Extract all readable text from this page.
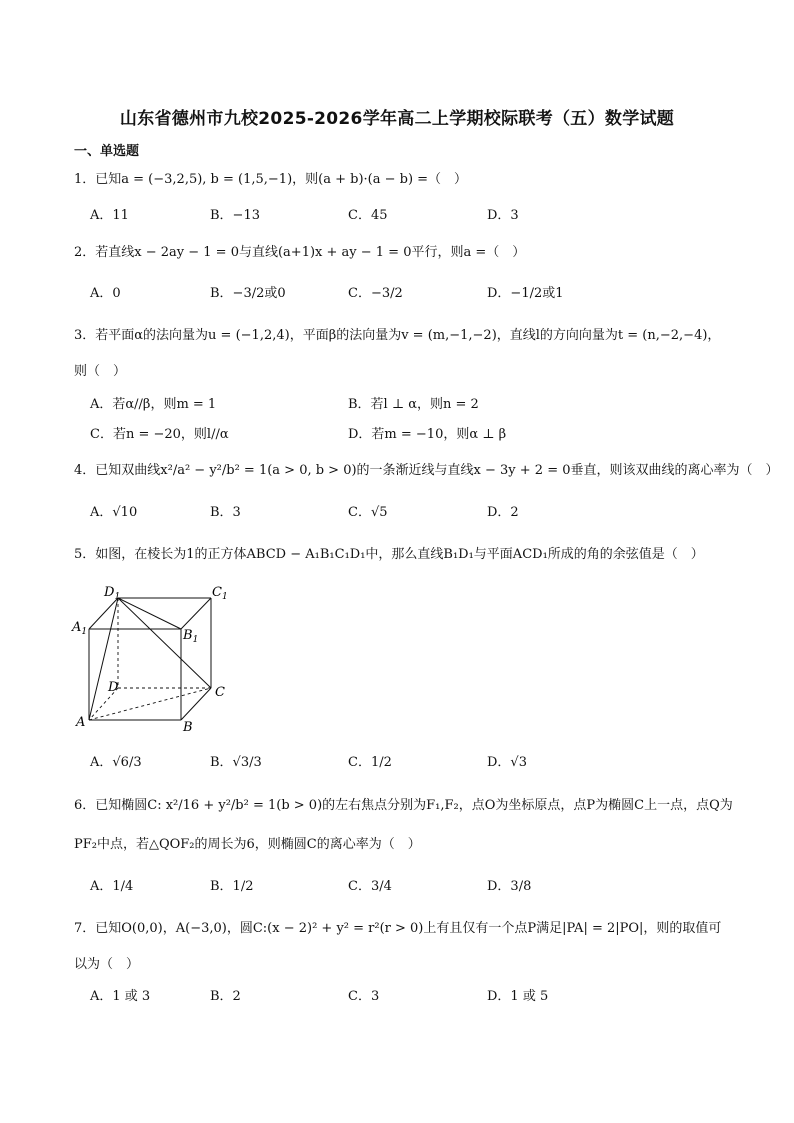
山东省德州市九校2025-2026学年高二上学期校际联考（五）数学试题
一、单选题
1．已知a = (−3,2,5), b = (1,5,−1)，则(a + b)·(a − b) =（　）
A．11	B．−13	C．45	D．3
2．若直线x − 2ay − 1 = 0与直线(a+1)x + ay − 1 = 0平行，则a =（　）
A．0	B．−3/2或0	C．−3/2	D．−1/2或1
3．若平面α的法向量为u = (−1,2,4)，平面β的法向量为v = (m,−1,−2)，直线l的方向向量为t = (n,−2,−4)，
则（　）
A．若α//β，则m = 1	B．若l ⊥ α，则n = 2
C．若n = −20，则l//α	D．若m = −10，则α ⊥ β
4．已知双曲线x²/a² − y²/b² = 1(a > 0, b > 0)的一条渐近线与直线x − 3y + 2 = 0垂直，则该双曲线的离心率为（　）
A．√10	B．3	C．√5	D．2
5．如图，在棱长为1的正方体ABCD − A₁B₁C₁D₁中，那么直线B₁D₁与平面ACD₁所成的角的余弦值是（　）
$D_1$	$C_1$
$A_1$	$B_1$
D	C
A	B
A．√6/3	B．√3/3	C．1/2	D．√3
6．已知椭圆C: x²/16 + y²/b² = 1(b > 0)的左右焦点分别为F₁,F₂，点O为坐标原点，点P为椭圆C上一点，点Q为
PF₂中点，若△QOF₂的周长为6，则椭圆C的离心率为（　）
A．1/4	B．1/2	C．3/4	D．3/8
7．已知O(0,0)，A(−3,0)，圆C:(x − 2)² + y² = r²(r > 0)上有且仅有一个点P满足|PA| = 2|PO|，则的取值可
以为（　）
A．1 或 3	B．2	C．3	D．1 或 5
